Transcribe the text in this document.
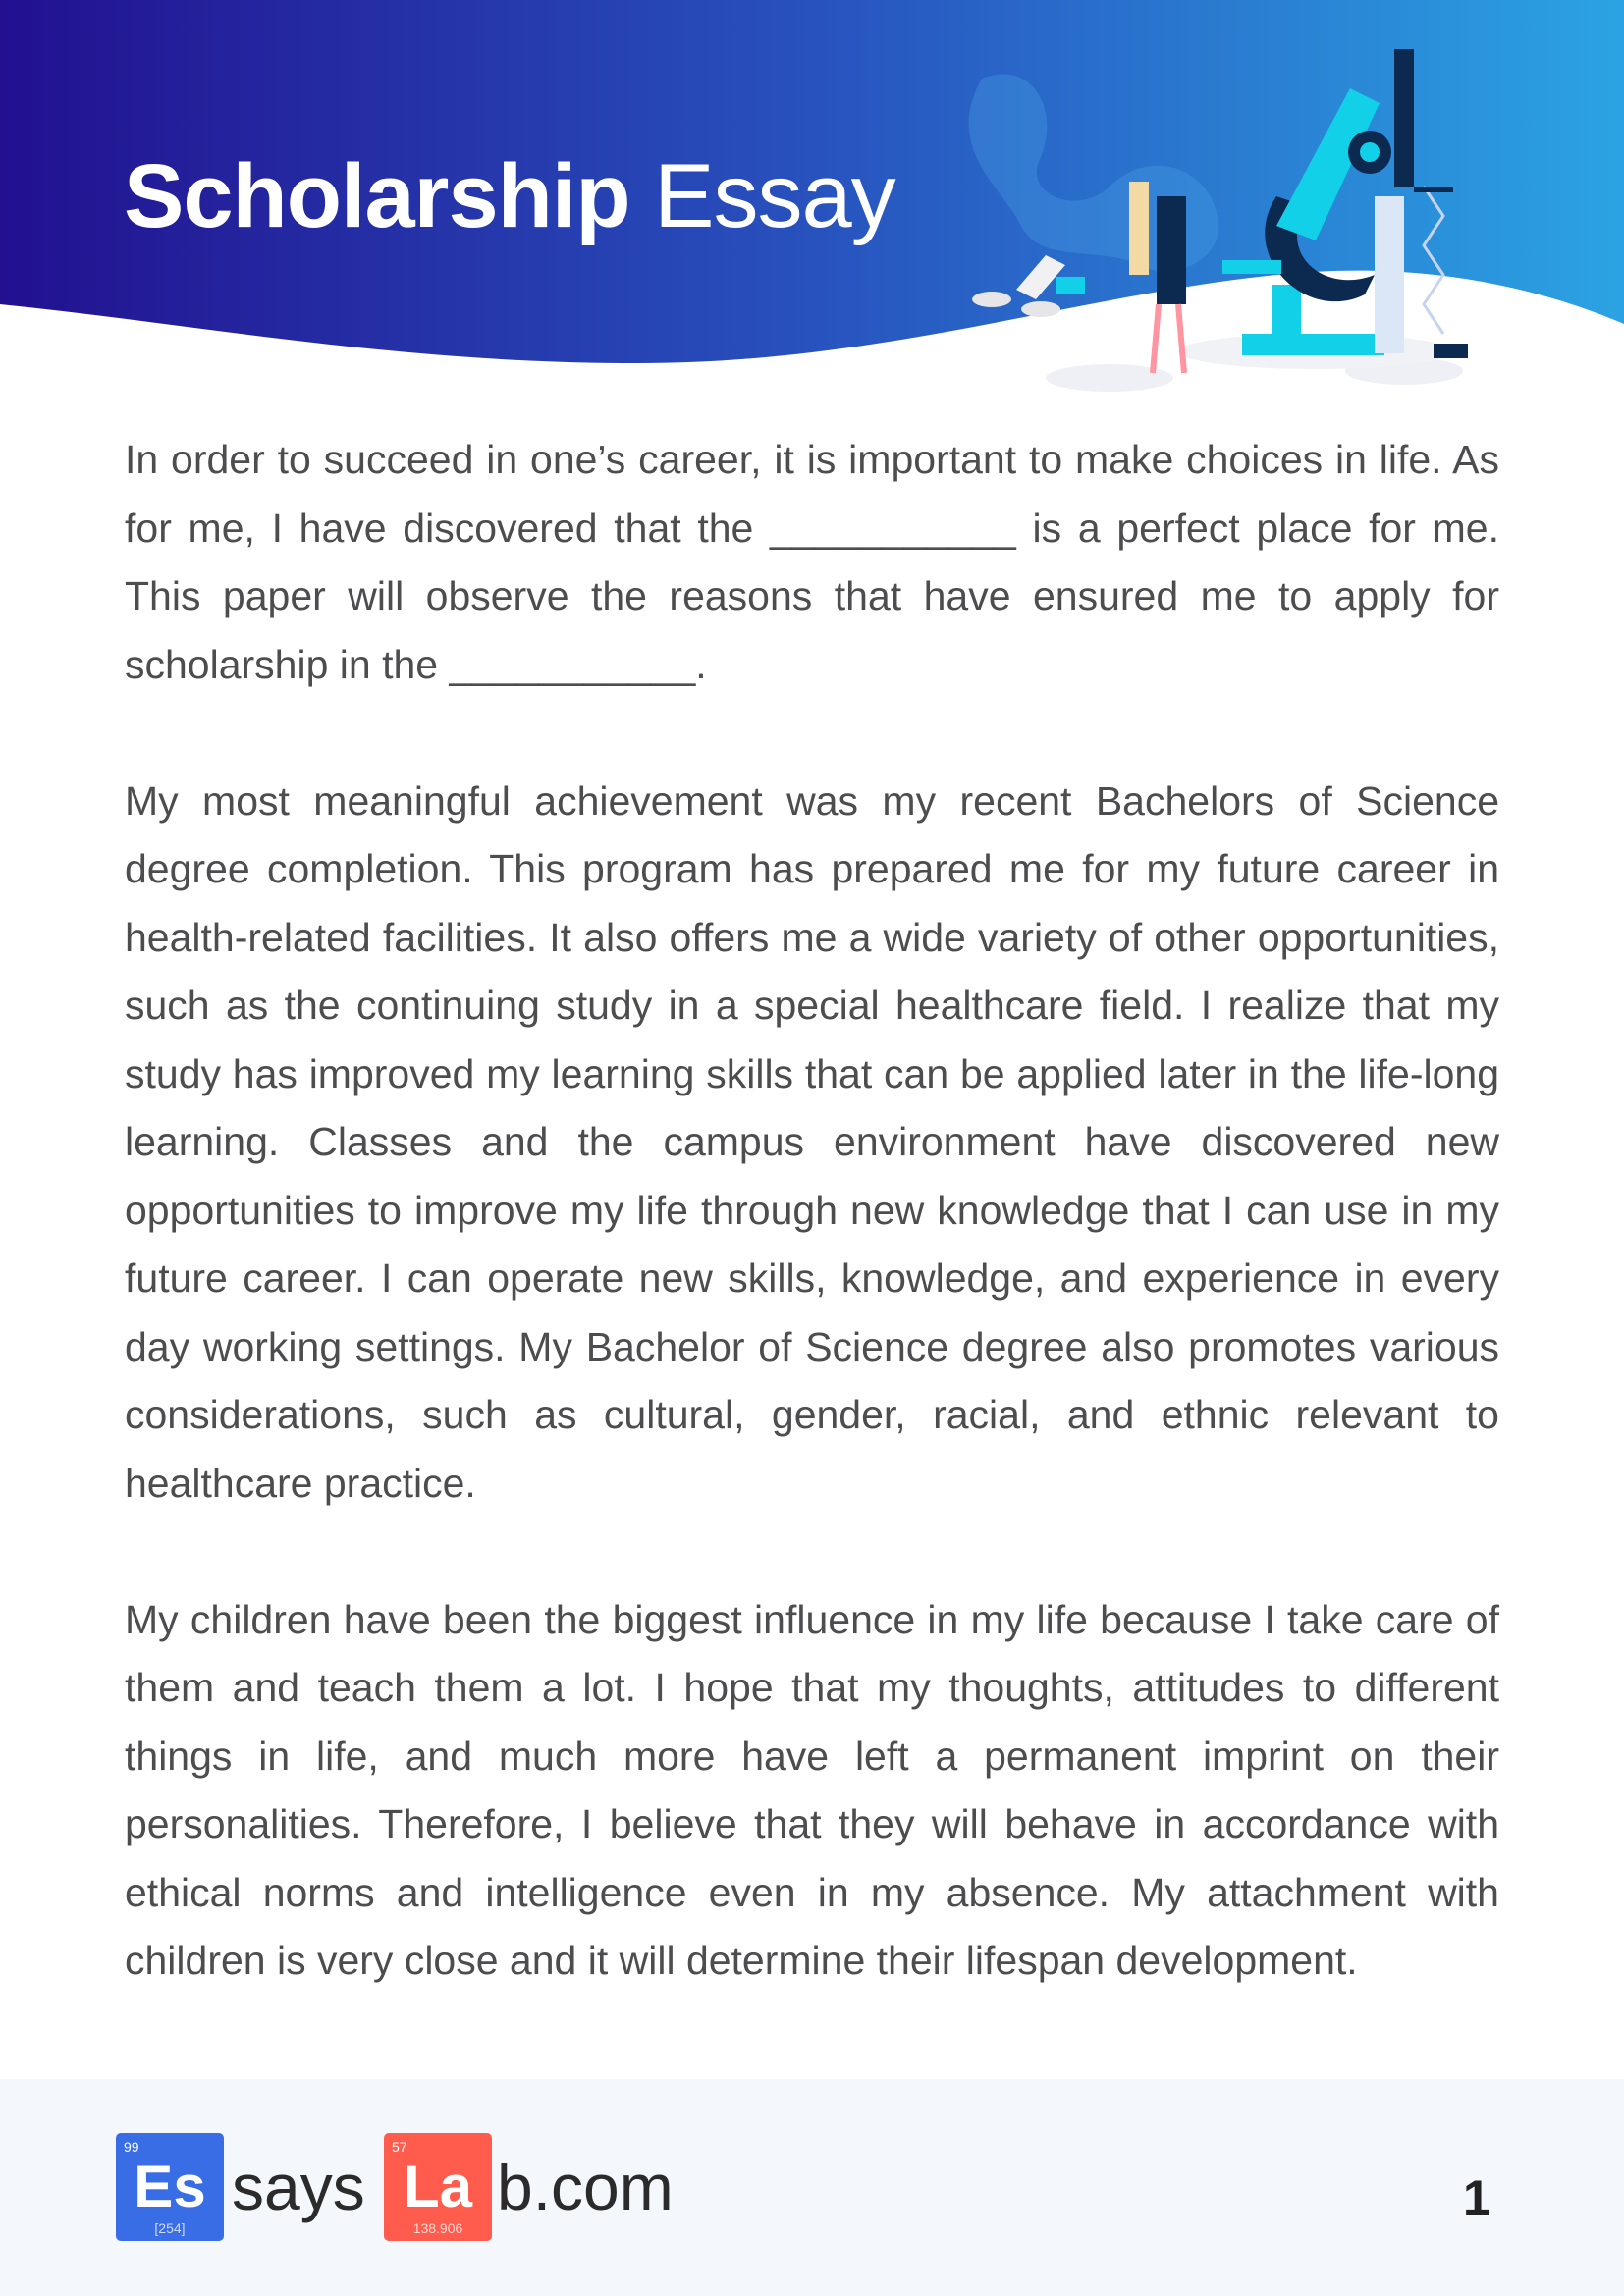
Scholarship Essay

In order to succeed in one’s career, it is important to make choices in life. As for me, I have discovered that the ___________ is a perfect place for me. This paper will observe the reasons that have ensured me to apply for scholarship in the ___________.

My most meaningful achievement was my recent Bachelors of Science degree completion. This program has prepared me for my future career in health-related facilities. It also offers me a wide variety of other opportunities, such as the continuing study in a special healthcare field. I realize that my study has improved my learning skills that can be applied later in the life-long learning. Classes and the campus environment have discovered new opportunities to improve my life through new knowledge that I can use in my future career. I can operate new skills, knowledge, and experience in every day working settings. My Bachelor of Science degree also promotes various considerations, such as cultural, gender, racial, and ethnic relevant to healthcare practice.

My children have been the biggest influence in my life because I take care of them and teach them a lot. I hope that my thoughts, attitudes to different things in life, and much more have left a permanent imprint on their personalities. Therefore, I believe that they will behave in accordance with ethical norms and intelligence even in my absence. My attachment with children is very close and it will determine their lifespan development.

99
Es
[254]
says
57
La
138.906
b.com	1
